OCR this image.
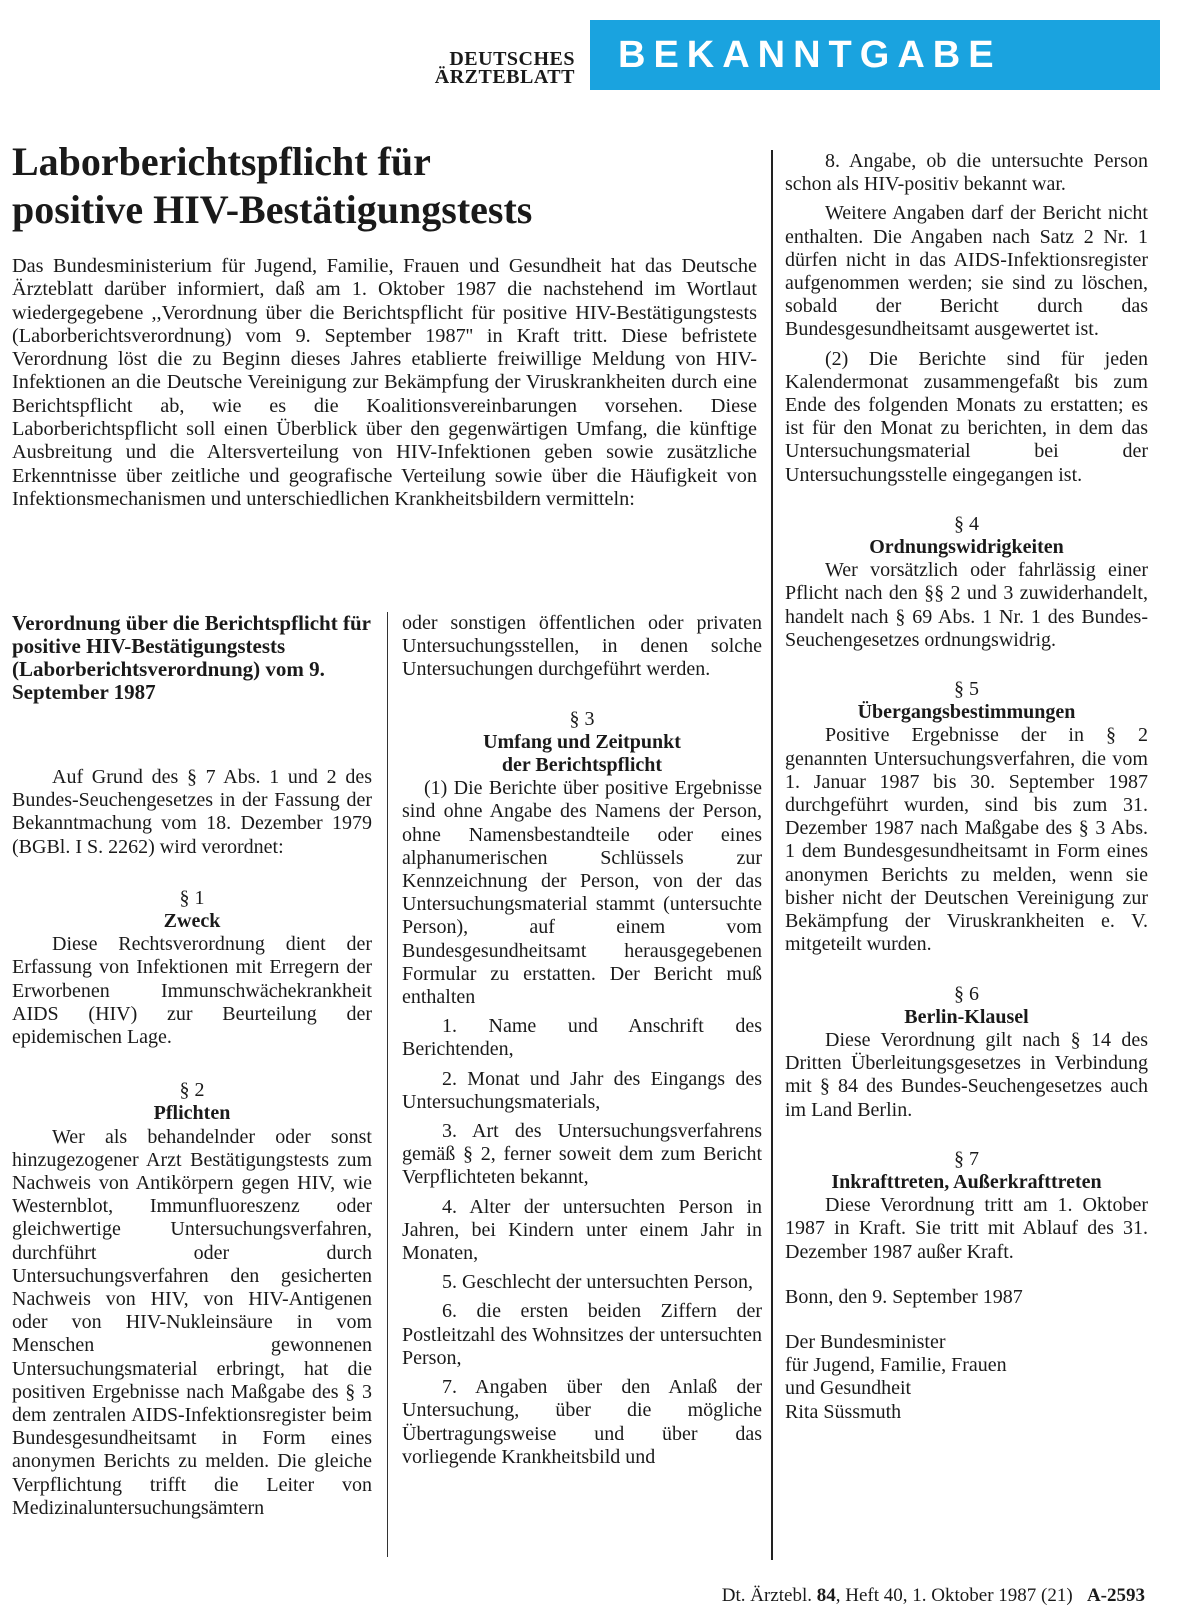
DEUTSCHES
ÄRZTEBLATT
BEKANNTGABE
Laborberichtspflicht für
positive HIV-Bestätigungstests

Das Bundesministerium für Jugend, Familie, Frauen und Gesundheit hat das Deutsche Ärzteblatt darüber informiert, daß am 1. Oktober 1987 die nachstehend im Wortlaut wiedergegebene ,,Verordnung über die Berichtspflicht für positive HIV-Bestätigungstests (Laborberichtsverordnung) vom 9. September 1987'' in Kraft tritt. Diese befristete Verordnung löst die zu Beginn dieses Jahres etablierte freiwillige Meldung von HIV-Infektionen an die Deutsche Vereinigung zur Bekämpfung der Viruskrankheiten durch eine Berichtspflicht ab, wie es die Koalitionsvereinbarungen vorsehen. Diese Laborberichtspflicht soll einen Überblick über den gegenwärtigen Umfang, die künftige Ausbreitung und die Altersverteilung von HIV-Infektionen geben sowie zusätzliche Erkenntnisse über zeitliche und geografische Verteilung sowie über die Häufigkeit von Infektionsmechanismen und unterschiedlichen Krankheitsbildern vermitteln:

Verordnung über die Berichtspflicht für positive HIV-Bestätigungstests (Laborberichtsverordnung) vom 9. September 1987

Auf Grund des § 7 Abs. 1 und 2 des Bundes-Seuchengesetzes in der Fassung der Bekanntmachung vom 18. Dezember 1979 (BGBl. I S. 2262) wird verordnet:

§ 1

Zweck

Diese Rechtsverordnung dient der Erfassung von Infektionen mit Erregern der Erworbenen Immunschwächekrankheit AIDS (HIV) zur Beurteilung der epidemischen Lage.

§ 2

Pflichten

Wer als behandelnder oder sonst hinzugezogener Arzt Bestätigungstests zum Nachweis von Antikörpern gegen HIV, wie Westernblot, Immunfluoreszenz oder gleichwertige Untersuchungsverfahren, durchführt oder durch Untersuchungsverfahren den gesicherten Nachweis von HIV, von HIV-Antigenen oder von HIV-Nukleinsäure in vom Menschen gewonnenen Untersuchungsmaterial erbringt, hat die positiven Ergebnisse nach Maßgabe des § 3 dem zentralen AIDS-Infektionsregister beim Bundesgesundheitsamt in Form eines anonymen Berichts zu melden. Die gleiche Verpflichtung trifft die Leiter von Medizinaluntersuchungsämtern

oder sonstigen öffentlichen oder privaten Untersuchungsstellen, in denen solche Untersuchungen durchgeführt werden.

§ 3

Umfang und Zeitpunkt

der Berichtspflicht

(1) Die Berichte über positive Ergebnisse sind ohne Angabe des Namens der Person, ohne Namensbestandteile oder eines alphanumerischen Schlüssels zur Kennzeichnung der Person, von der das Untersuchungsmaterial stammt (untersuchte Person), auf einem vom Bundesgesundheitsamt herausgegebenen Formular zu erstatten. Der Bericht muß enthalten

1. Name und Anschrift des Berichtenden,

2. Monat und Jahr des Eingangs des Untersuchungsmaterials,

3. Art des Untersuchungsverfahrens gemäß § 2, ferner soweit dem zum Bericht Verpflichteten bekannt,

4. Alter der untersuchten Person in Jahren, bei Kindern unter einem Jahr in Monaten,

5. Geschlecht der untersuchten Person,

6. die ersten beiden Ziffern der Postleitzahl des Wohnsitzes der untersuchten Person,

7. Angaben über den Anlaß der Untersuchung, über die mögliche Übertragungsweise und über das vorliegende Krankheitsbild und

8. Angabe, ob die untersuchte Person schon als HIV-positiv bekannt war.

Weitere Angaben darf der Bericht nicht enthalten. Die Angaben nach Satz 2 Nr. 1 dürfen nicht in das AIDS-Infektionsregister aufgenommen werden; sie sind zu löschen, sobald der Bericht durch das Bundesgesundheitsamt ausgewertet ist.

(2) Die Berichte sind für jeden Kalendermonat zusammengefaßt bis zum Ende des folgenden Monats zu erstatten; es ist für den Monat zu berichten, in dem das Untersuchungsmaterial bei der Untersuchungsstelle eingegangen ist.

§ 4

Ordnungswidrigkeiten

Wer vorsätzlich oder fahrlässig einer Pflicht nach den §§ 2 und 3 zuwiderhandelt, handelt nach § 69 Abs. 1 Nr. 1 des Bundes-Seuchengesetzes ordnungswidrig.

§ 5

Übergangsbestimmungen

Positive Ergebnisse der in § 2 genannten Untersuchungsverfahren, die vom 1. Januar 1987 bis 30. September 1987 durchgeführt wurden, sind bis zum 31. Dezember 1987 nach Maßgabe des § 3 Abs. 1 dem Bundesgesundheitsamt in Form eines anonymen Berichts zu melden, wenn sie bisher nicht der Deutschen Vereinigung zur Bekämpfung der Viruskrankheiten e. V. mitgeteilt wurden.

§ 6

Berlin-Klausel

Diese Verordnung gilt nach § 14 des Dritten Überleitungsgesetzes in Verbindung mit § 84 des Bundes-Seuchengesetzes auch im Land Berlin.

§ 7

Inkrafttreten, Außerkrafttreten

Diese Verordnung tritt am 1. Oktober 1987 in Kraft. Sie tritt mit Ablauf des 31. Dezember 1987 außer Kraft.

Bonn, den 9. September 1987

Der Bundesminister

für Jugend, Familie, Frauen

und Gesundheit

Rita Süssmuth

Dt. Ärztebl. 84, Heft 40, 1. Oktober 1987 (21) A-2593
